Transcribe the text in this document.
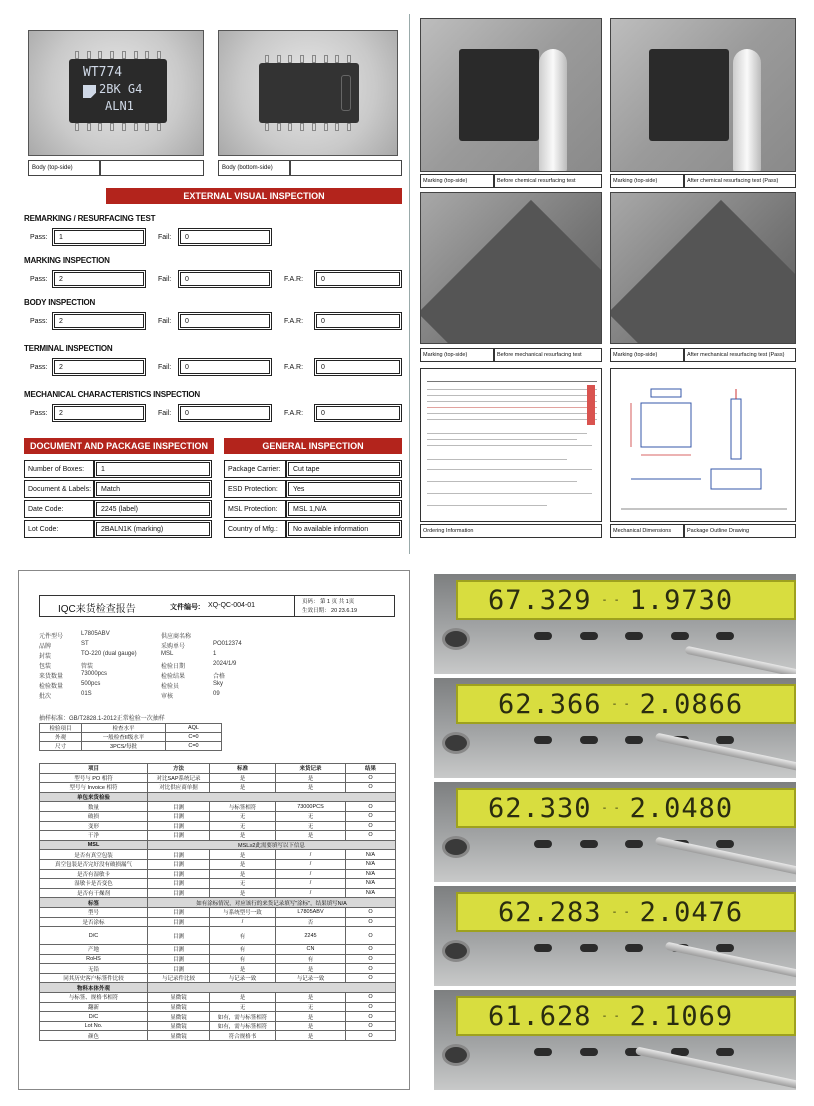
WT774
2BK G4
ALN1
Body (top-side)	Body (bottom-side)
EXTERNAL VISUAL INSPECTION
REMARKING / RESURFACING TEST
Pass:	1	Fail:	0
MARKING INSPECTION
Pass:	2	Fail:	0	F.A.R:	0
BODY INSPECTION
Pass:	2	Fail:	0	F.A.R:	0
TERMINAL INSPECTION
Pass:	2	Fail:	0	F.A.R:	0
MECHANICAL CHARACTERISTICS INSPECTION
Pass:	2	Fail:	0	F.A.R:	0
DOCUMENT AND PACKAGE INSPECTION	GENERAL INSPECTION
Number of Boxes:	1
Document & Labels:	Match
Date Code:	2245 (label)
Lot Code:	2BALN1K (marking)
Package Carrier:	Cut tape
ESD Protection:	Yes
MSL Protection:	MSL 1,N/A
Country of Mfg.:	No available information
Marking (top-side)	Before chemical resurfacing test	Marking (top-side)	After chemical resurfacing test (Pass)
Marking (top-side)	Before mechanical resurfacing test	Marking (top-side)	After mechanical resurfacing test (Pass)
Ordering Information	Mechanical Dimensions	Package Outline Drawing
IQC来货检查报告	文件编号: XQ-QC-004-01	页码： 第 1 页 共 1页
生效日期： 20 23.6.19
元件型号	L7805ABV
品牌	ST
封装	TO-220 (dual gauge)
包装	管装
来货数量	73000pcs
检验数量	500pcs
批次	01S
供应商名称
采购单号	PO012374
MSL	1
检验日期	2024/1/9
检验结果	合格
检验员	Sky
审核	09
抽样标准：GB/T2828.1-2012正常检验一次抽样
检验项目	检查水平	AQL
外观	一般检查II级水平	C=0
尺寸	3PCS/每批	C=0
项目	方法	标准	来货记录	结果
型号与 PO 相符	对比SAP系统记录	是	是	O
型号与 Invoice 相符	对比供应商单据	是	是	O
单包来货检验				
数量	目测	与标签相符	73000PCS	O
破损	目测	无	无	O
变形	目测	无	无	O
干净	目测	是	是	O
MSL	MSL≥2此需要填写以下信息			
是否有真空包装	目测	是	/	N/A
真空包装是否完好没有破损漏气	目测	是	/	N/A
是否有湿敏卡	目测	是	/	N/A
湿敏卡是否变色	目测	无	/	N/A
是否有干燥剂	目测	是	/	N/A
标签	如有涂标情况，对应该行的来货记录填写"涂标"，结果填写N/A			
型号	目测	与系统型号一致	L7805ABV	O
是否涂标	目测	/	否	O
D/C	目测	有	2245	O
产地	目测	有	CN	O
RoHS	目测	有	有	O
无铅	目测	是	是	O
同其历史客户标签件比较	与记录件比较	与记录一致	与记录一致	O
物料本体外观				
与标签、规格书相符	显微镜	是	是	O
翻新	显微镜	无	无	O
D/C	显微镜	如有，需与标签相符	是	O
Lot No.	显微镜	如有，需与标签相符	是	O
颜色	显微镜	符合规格书	是	O
67.329 - - 1.9730
62.366 - - 2.0866
62.330 - - 2.0480
62.283 - - 2.0476
61.628 - - 2.1069
